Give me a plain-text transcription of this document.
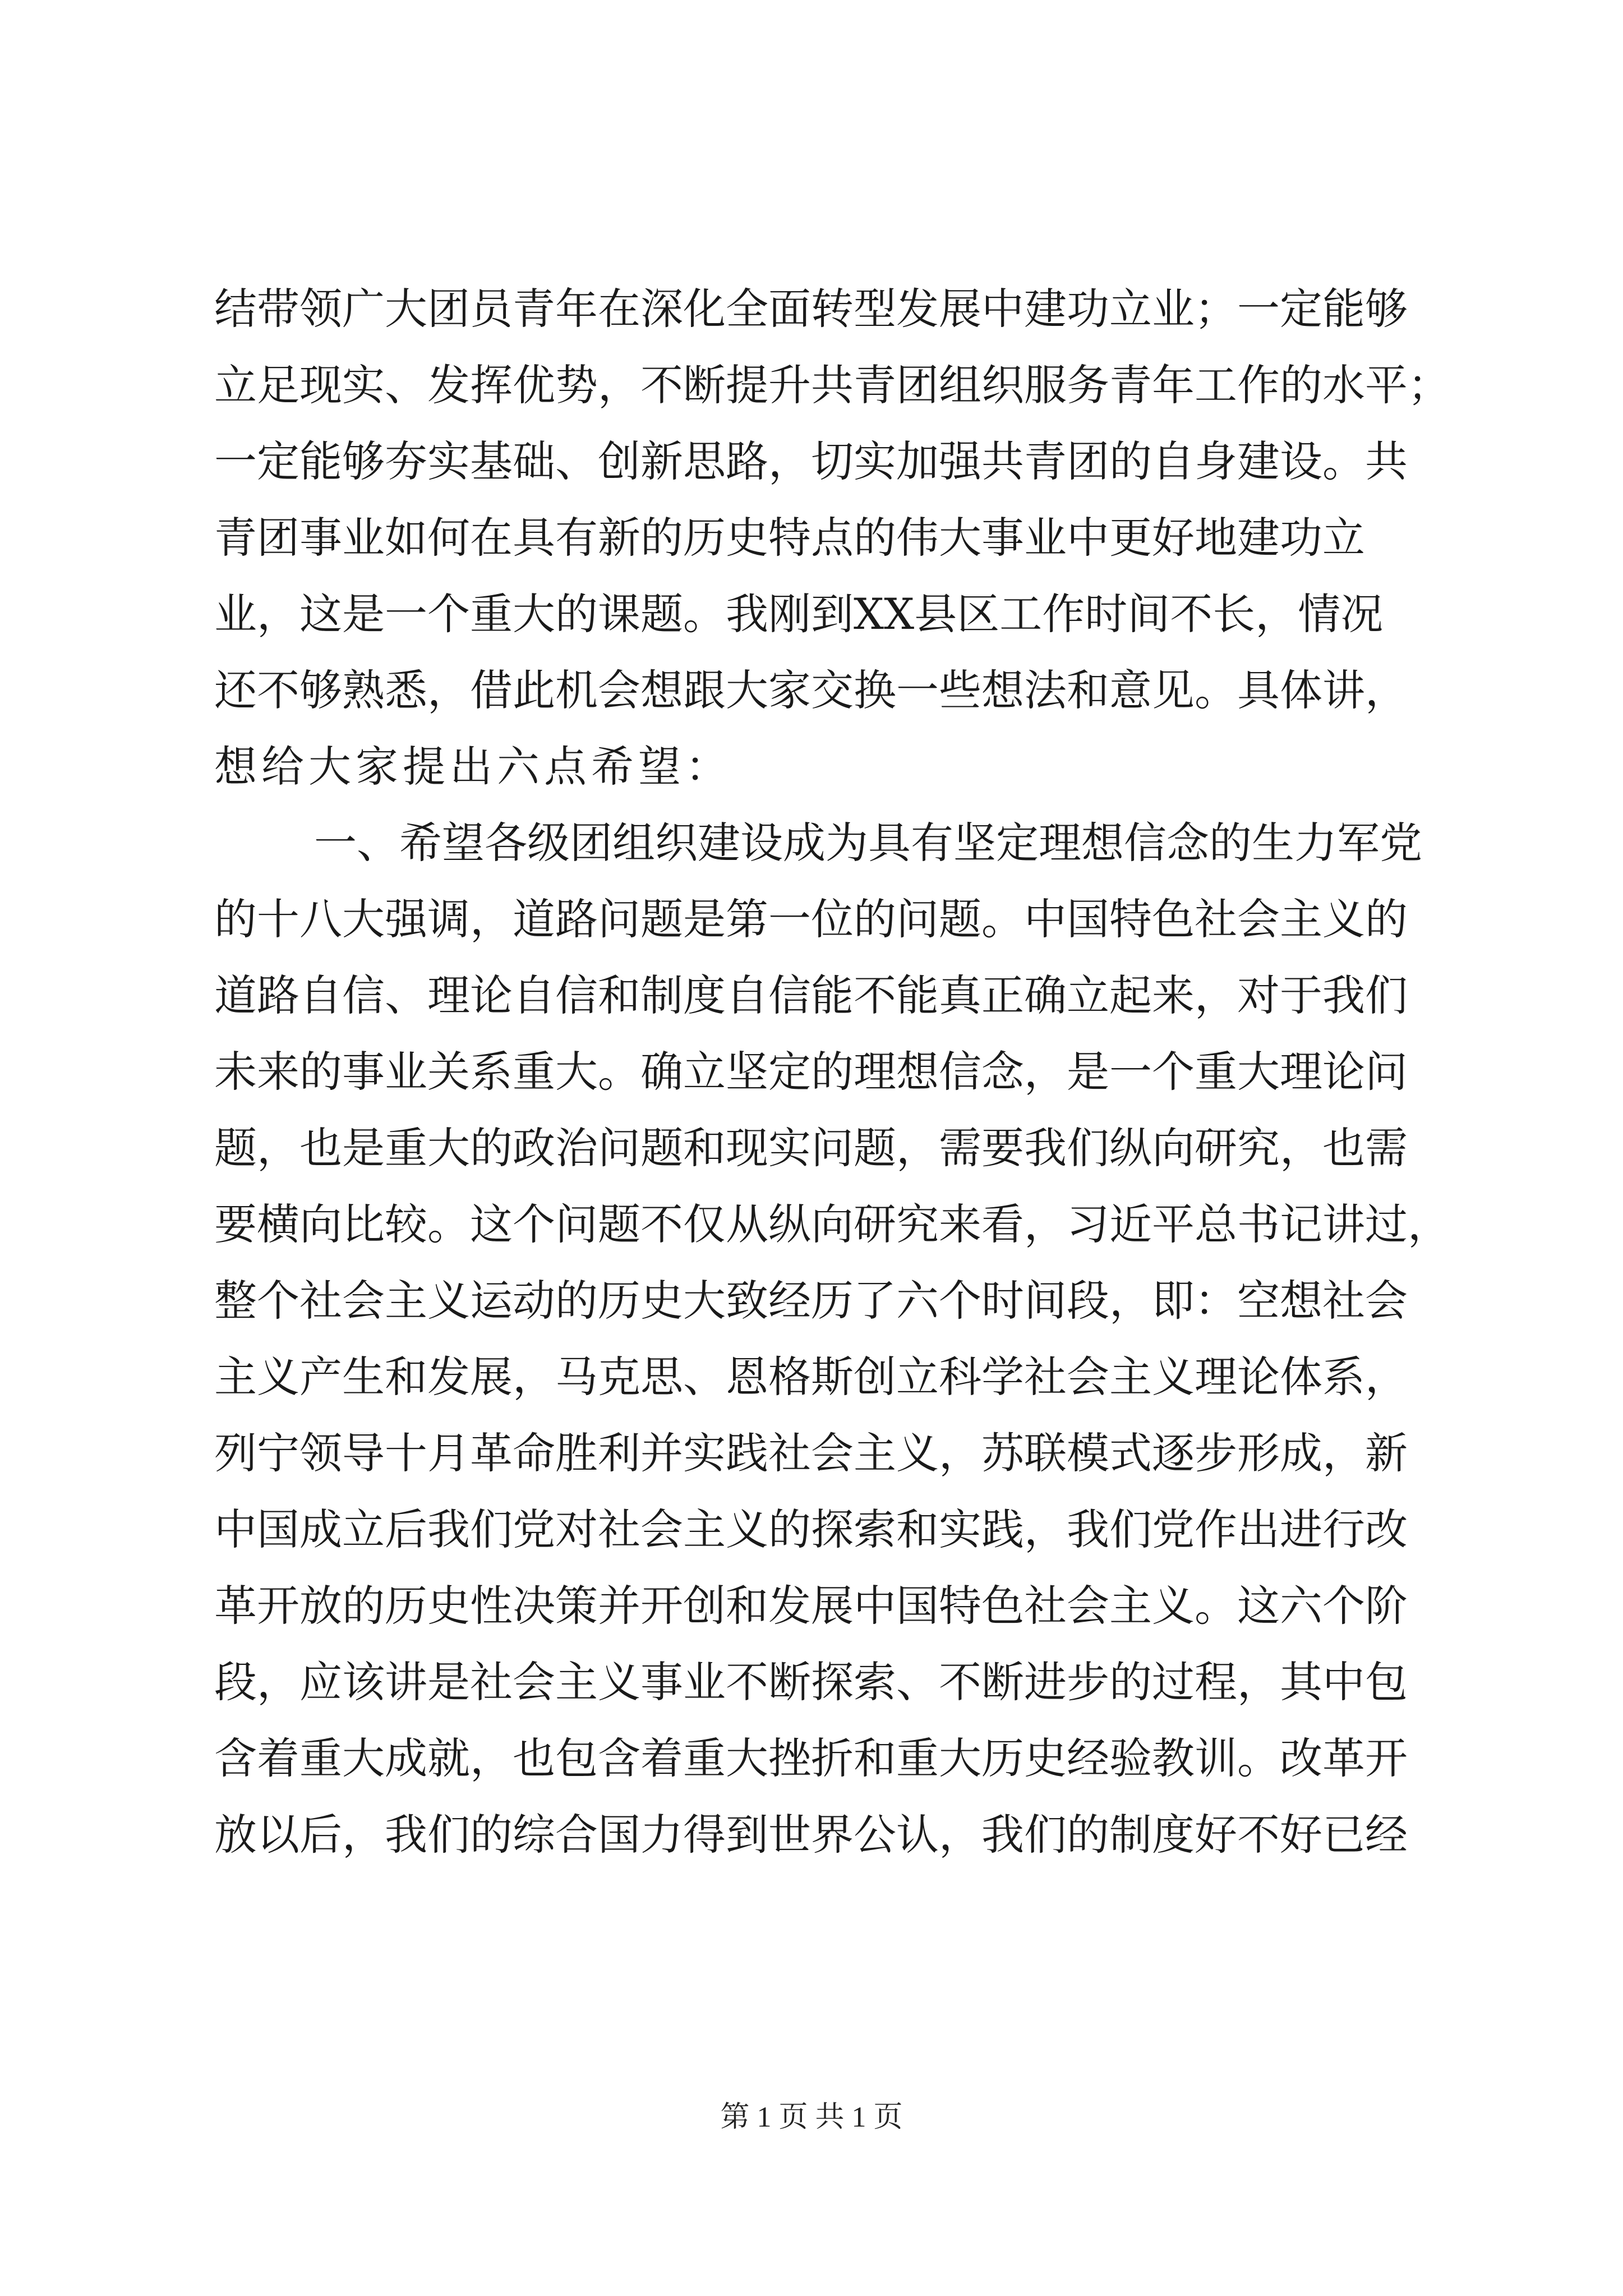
结带领广大团员青年在深化全面转型发展中建功立业；一定能够
立足现实、发挥优势，不断提升共青团组织服务青年工作的水平；
一定能够夯实基础、创新思路，切实加强共青团的自身建设。共
青团事业如何在具有新的历史特点的伟大事业中更好地建功立
业，这是一个重大的课题。我刚到XX县区工作时间不长，情况
还不够熟悉，借此机会想跟大家交换一些想法和意见。具体讲，
想给大家提出六点希望：
一、希望各级团组织建设成为具有坚定理想信念的生力军党
的十八大强调，道路问题是第一位的问题。中国特色社会主义的
道路自信、理论自信和制度自信能不能真正确立起来，对于我们
未来的事业关系重大。确立坚定的理想信念，是一个重大理论问
题，也是重大的政治问题和现实问题，需要我们纵向研究，也需
要横向比较。这个问题不仅从纵向研究来看，习近平总书记讲过，
整个社会主义运动的历史大致经历了六个时间段，即：空想社会
主义产生和发展，马克思、恩格斯创立科学社会主义理论体系，
列宁领导十月革命胜利并实践社会主义，苏联模式逐步形成，新
中国成立后我们党对社会主义的探索和实践，我们党作出进行改
革开放的历史性决策并开创和发展中国特色社会主义。这六个阶
段，应该讲是社会主义事业不断探索、不断进步的过程，其中包
含着重大成就，也包含着重大挫折和重大历史经验教训。改革开
放以后，我们的综合国力得到世界公认，我们的制度好不好已经
第 1 页 共 1 页
